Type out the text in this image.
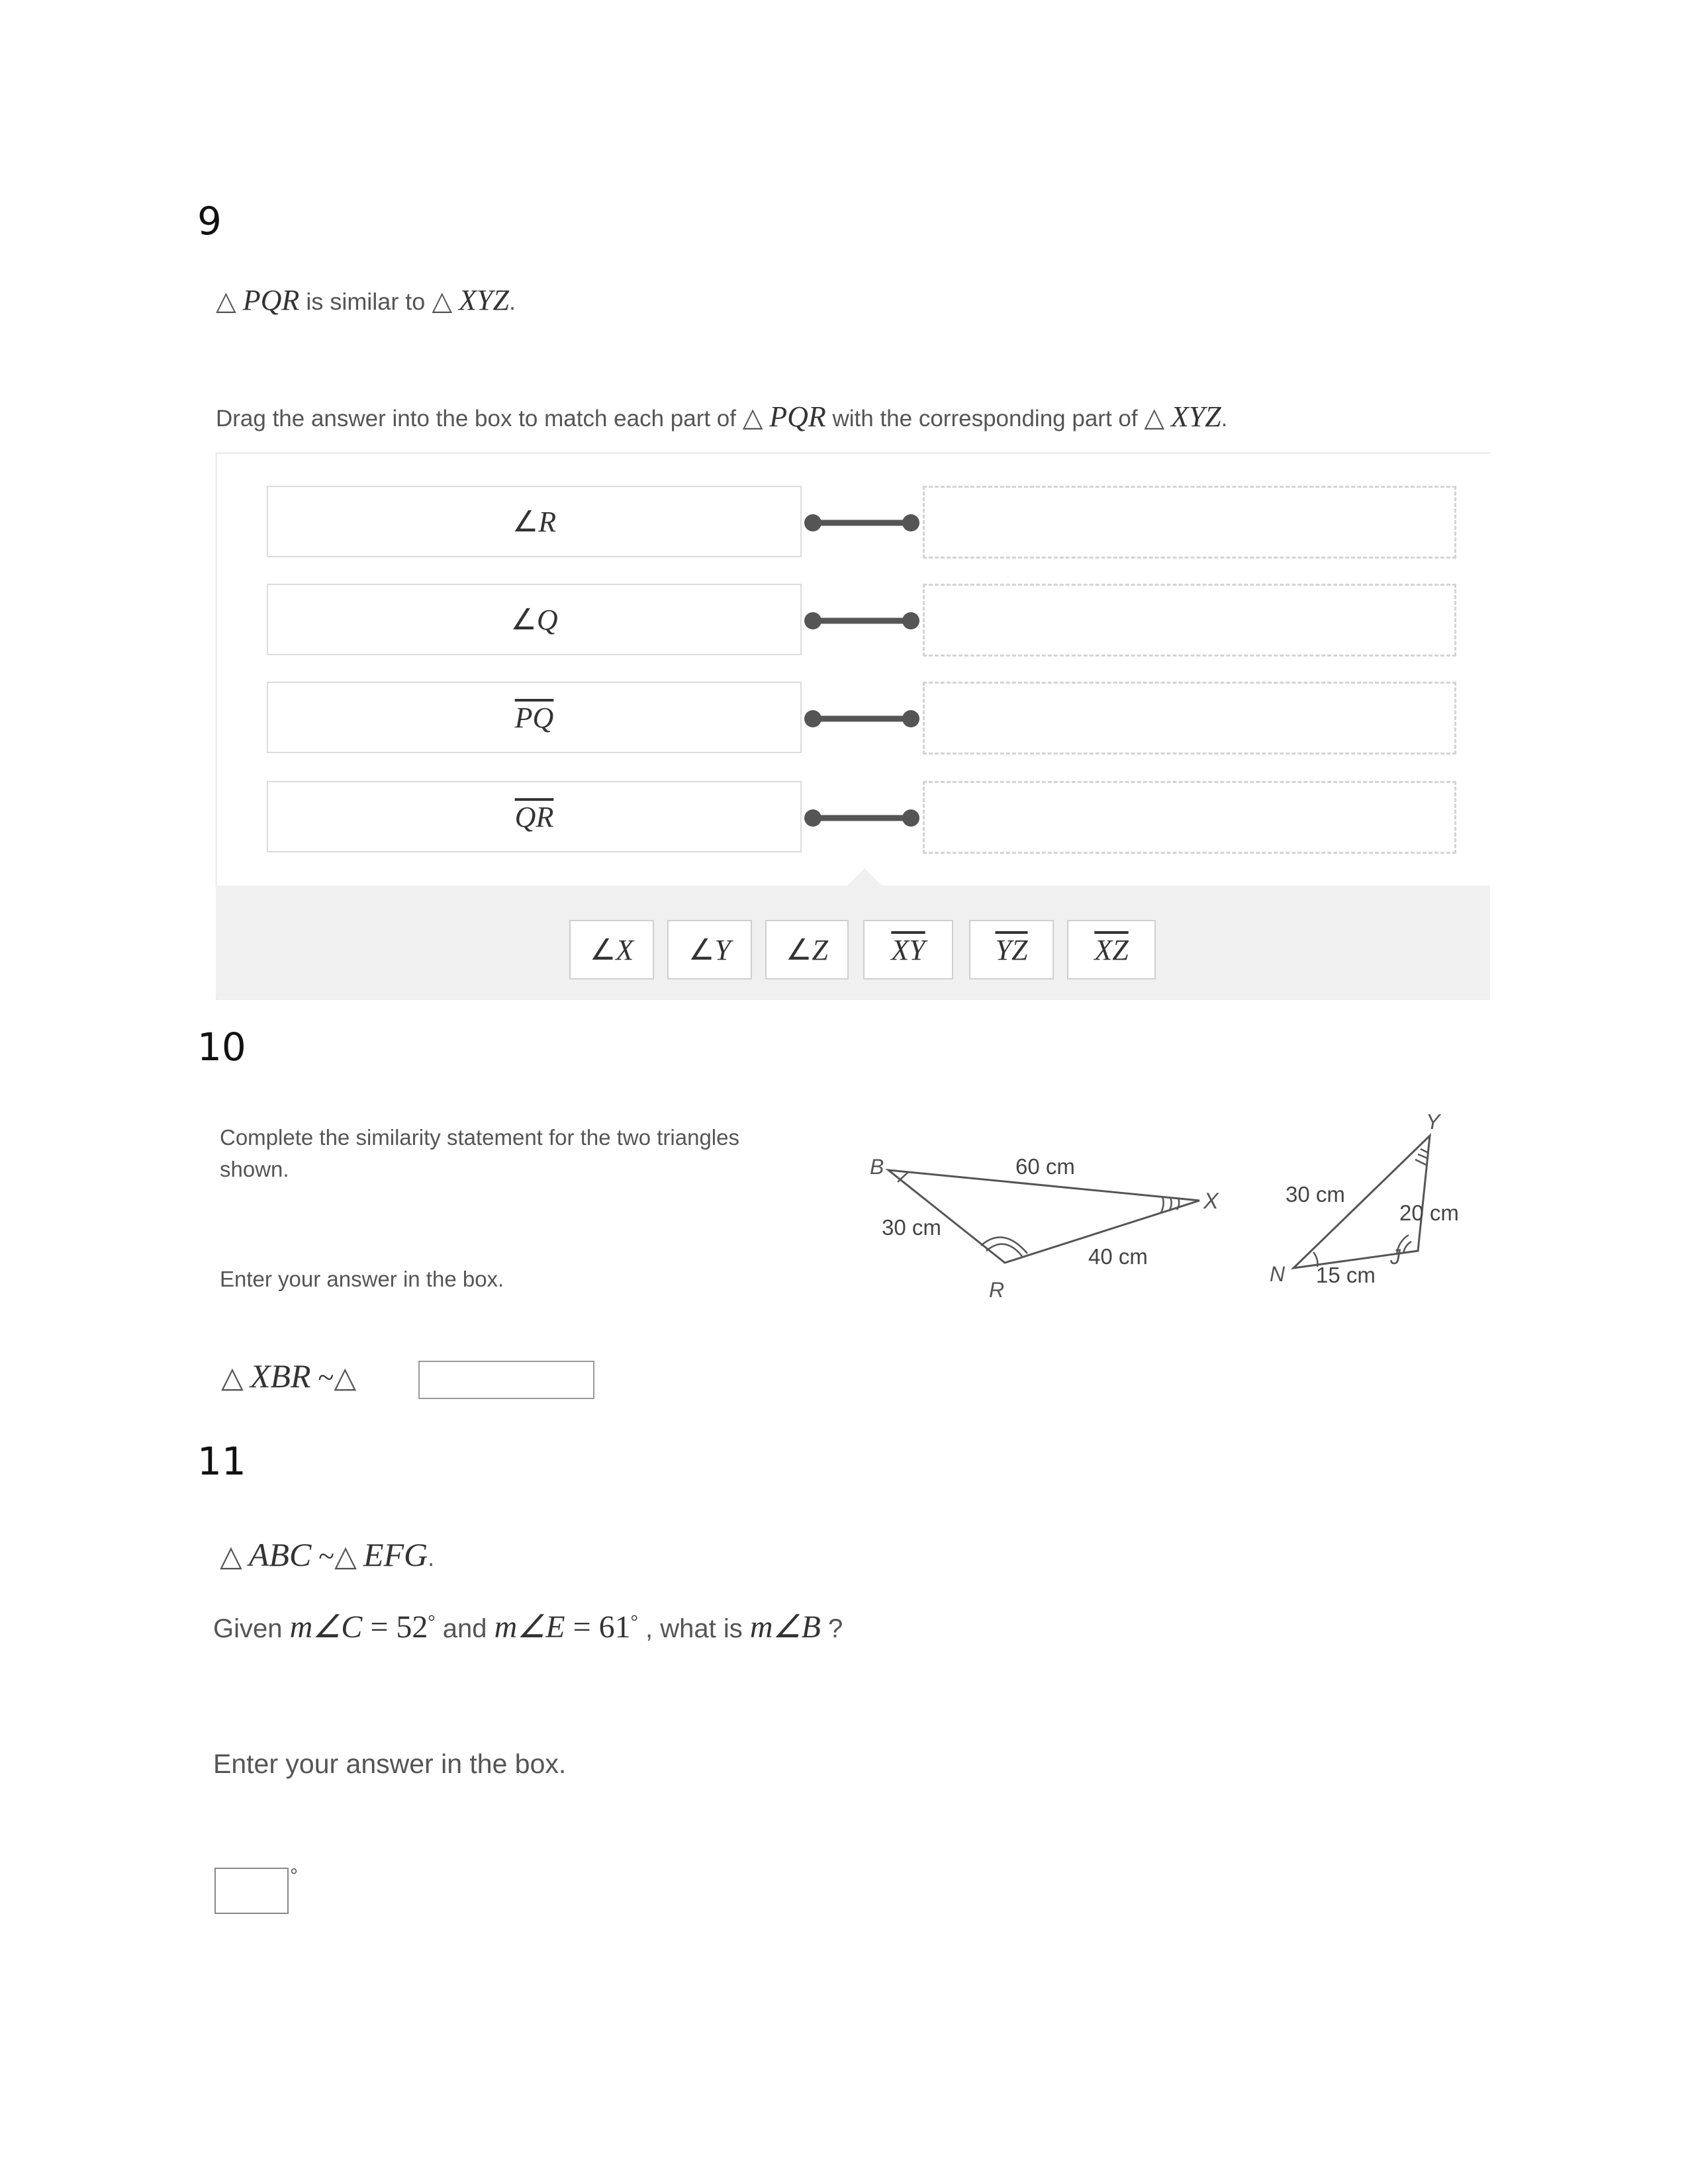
9
△ PQR is similar to △ XYZ.
Drag the answer into the box to match each part of △ PQR with the corresponding part of △ XYZ.
∠ R
∠ Q
$\overline{PQ}$
$\overline{QR}$
∠ X ∠ Y ∠ Z $\overline{XY}$ $\overline{YZ}$ $\overline{XZ}$
10
Complete the similarity statement for the two triangles
shown.
Enter your answer in the box.
△ XBR ~△
B
X
R
60 cm
30 cm
40 cm
Y
N
J
30 cm
20 cm
15 cm
11
△ ABC ~△ EFG.
Given m∠C = 52° and m∠E = 61° , what is m∠B ?
Enter your answer in the box.
°
